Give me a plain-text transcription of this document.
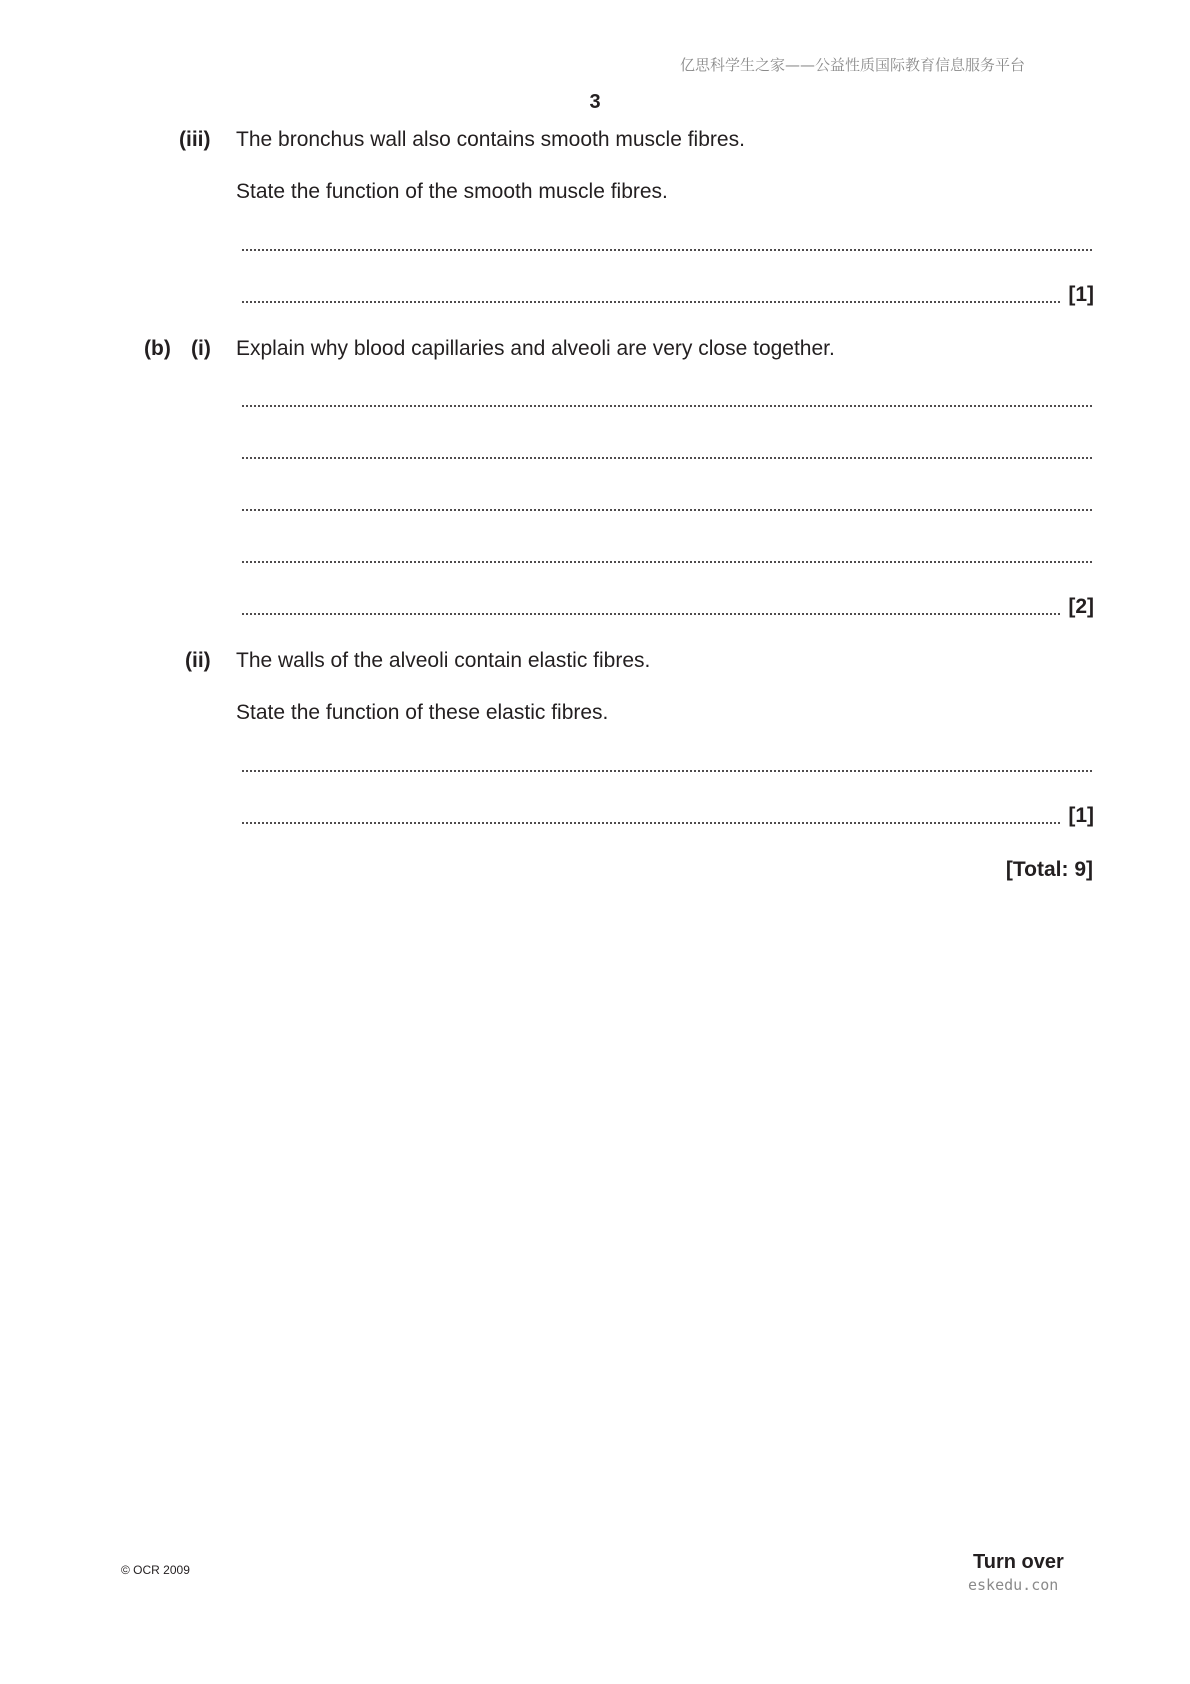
亿思科学生之家——公益性质国际教育信息服务平台
3
(iii) The bronchus wall also contains smooth muscle fibres.
State the function of the smooth muscle fibres.
[1]
(b) (i) Explain why blood capillaries and alveoli are very close together.
[2]
(ii) The walls of the alveoli contain elastic fibres.
State the function of these elastic fibres.
[1]
[Total: 9]
© OCR 2009	Turn over
eskedu.con
